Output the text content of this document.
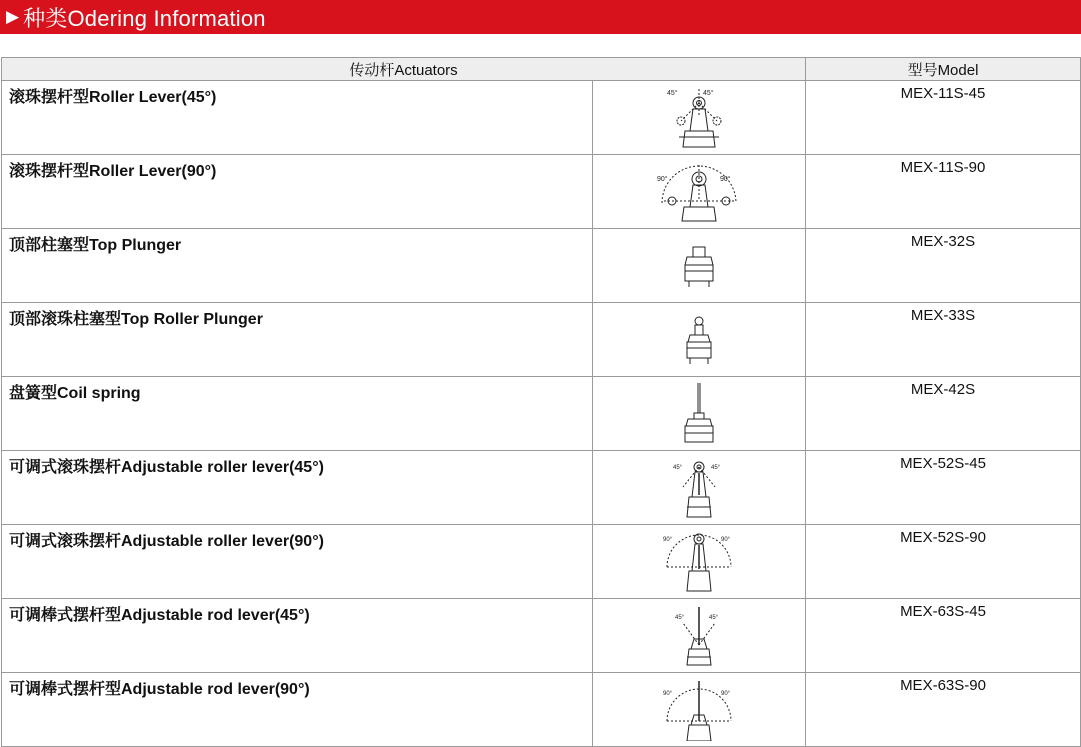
▶ 种类Odering Information
传动杆Actuators		型号Model
滚珠摆杆型Roller Lever(45°)	45° 45°	MEX-11S-45
滚珠摆杆型Roller Lever(90°)	90° 90°	MEX-11S-90
顶部柱塞型Top Plunger		MEX-32S
顶部滚珠柱塞型Top Roller Plunger		MEX-33S
盘簧型Coil spring		MEX-42S
可调式滚珠摆杆Adjustable roller lever(45°)	45° 45°	MEX-52S-45
可调式滚珠摆杆Adjustable roller lever(90°)	90° 90°	MEX-52S-90
可调棒式摆杆型Adjustable rod lever(45°)	45° 45°	MEX-63S-45
可调棒式摆杆型Adjustable rod lever(90°)	90° 90°	MEX-63S-90
